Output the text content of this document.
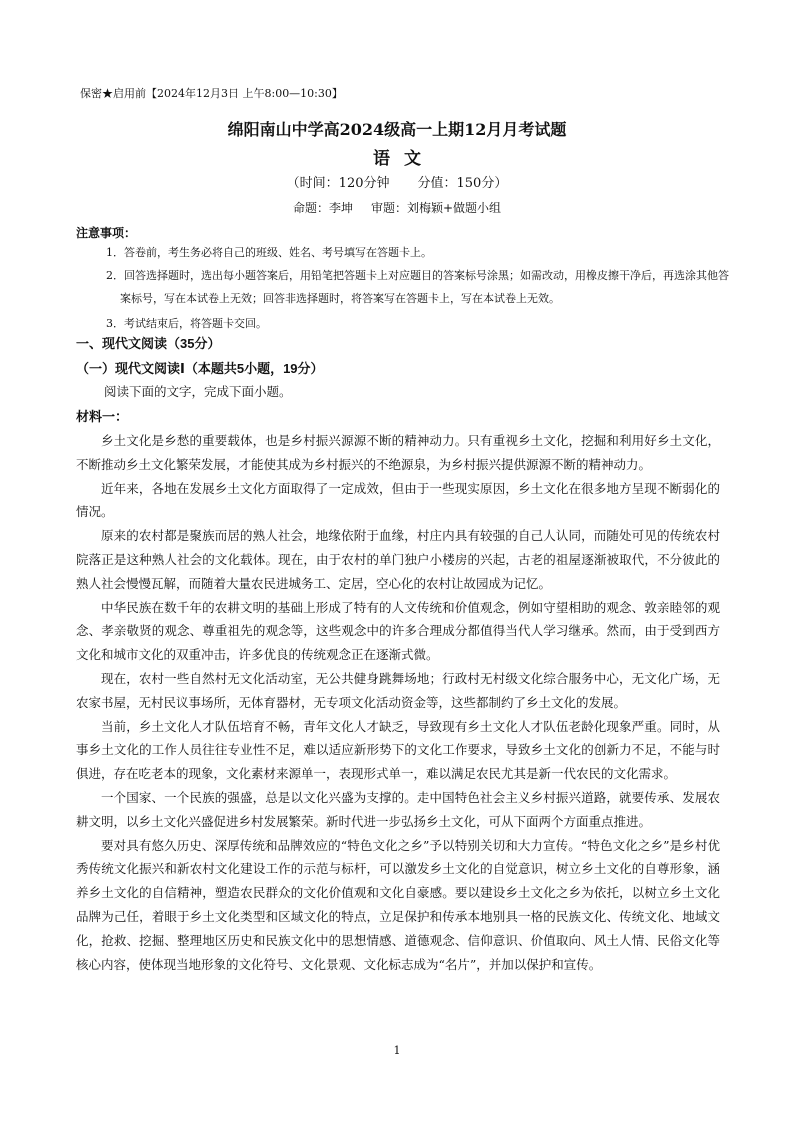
保密★启用前【2024年12月3日 上午8:00—10:30】
绵阳南山中学高2024级高一上期12月月考试题
语文
（时间：120分钟 分值：150分）
命题：李坤 审题：刘梅颖+做题小组
注意事项：
1．答卷前，考生务必将自己的班级、姓名、考号填写在答题卡上。
2．回答选择题时，选出每小题答案后，用铅笔把答题卡上对应题目的答案标号涂黑；如需改动，用橡皮擦干净后，再选涂其他答案标号，写在本试卷上无效；回答非选择题时，将答案写在答题卡上，写在本试卷上无效。
3．考试结束后，将答题卡交回。
一、现代文阅读（35分）
（一）现代文阅读Ⅰ（本题共5小题，19分）
阅读下面的文字，完成下面小题。
材料一：

乡土文化是乡愁的重要载体，也是乡村振兴源源不断的精神动力。只有重视乡土文化，挖掘和利用好乡土文化，不断推动乡土文化繁荣发展，才能使其成为乡村振兴的不绝源泉，为乡村振兴提供源源不断的精神动力。

近年来，各地在发展乡土文化方面取得了一定成效，但由于一些现实原因，乡土文化在很多地方呈现不断弱化的情况。

原来的农村都是聚族而居的熟人社会，地缘依附于血缘，村庄内具有较强的自己人认同，而随处可见的传统农村院落正是这种熟人社会的文化载体。现在，由于农村的单门独户小楼房的兴起，古老的祖屋逐渐被取代，不分彼此的熟人社会慢慢瓦解，而随着大量农民进城务工、定居，空心化的农村让故园成为记忆。

中华民族在数千年的农耕文明的基础上形成了特有的人文传统和价值观念，例如守望相助的观念、敦亲睦邻的观念、孝亲敬贤的观念、尊重祖先的观念等，这些观念中的许多合理成分都值得当代人学习继承。然而，由于受到西方文化和城市文化的双重冲击，许多优良的传统观念正在逐渐式微。

现在，农村一些自然村无文化活动室，无公共健身跳舞场地；行政村无村级文化综合服务中心，无文化广场，无农家书屋，无村民议事场所，无体育器材，无专项文化活动资金等，这些都制约了乡土文化的发展。

当前，乡土文化人才队伍培育不畅，青年文化人才缺乏，导致现有乡土文化人才队伍老龄化现象严重。同时，从事乡土文化的工作人员往往专业性不足，难以适应新形势下的文化工作要求，导致乡土文化的创新力不足，不能与时俱进，存在吃老本的现象，文化素材来源单一，表现形式单一，难以满足农民尤其是新一代农民的文化需求。

一个国家、一个民族的强盛，总是以文化兴盛为支撑的。走中国特色社会主义乡村振兴道路，就要传承、发展农耕文明，以乡土文化兴盛促进乡村发展繁荣。新时代进一步弘扬乡土文化，可从下面两个方面重点推进。

要对具有悠久历史、深厚传统和品牌效应的“特色文化之乡”予以特别关切和大力宣传。“特色文化之乡”是乡村优秀传统文化振兴和新农村文化建设工作的示范与标杆，可以激发乡土文化的自觉意识，树立乡土文化的自尊形象，涵养乡土文化的自信精神，塑造农民群众的文化价值观和文化自豪感。要以建设乡土文化之乡为依托，以树立乡土文化品牌为己任，着眼于乡土文化类型和区域文化的特点，立足保护和传承本地别具一格的民族文化、传统文化、地域文化，抢救、挖掘、整理地区历史和民族文化中的思想情感、道德观念、信仰意识、价值取向、风土人情、民俗文化等核心内容，使体现当地形象的文化符号、文化景观、文化标志成为“名片”，并加以保护和宣传。

1
